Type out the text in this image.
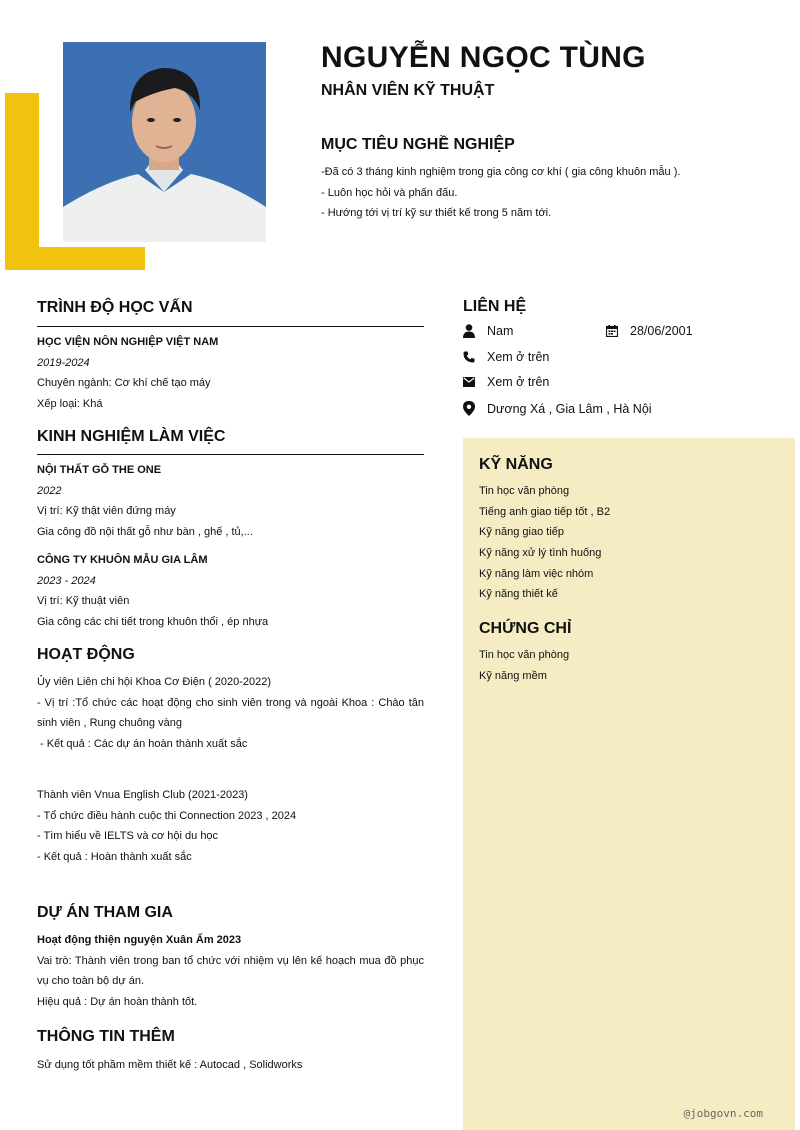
NGUYỄN NGỌC TÙNG
NHÂN VIÊN KỸ THUẬT
MỤC TIÊU NGHỀ NGHIỆP
-Đã có 3 tháng kinh nghiệm trong gia công cơ khí ( gia công khuôn mẫu ).
- Luôn học hỏi và phấn đấu.
- Hướng tới vị trí kỹ sư thiết kế trong 5 năm tới.
TRÌNH ĐỘ HỌC VẤN
HỌC VIỆN NÔN NGHIỆP VIỆT NAM
2019-2024
Chuyên ngành: Cơ khí chế tạo máy
Xếp loại: Khá
KINH NGHIỆM LÀM VIỆC
NỘI THẤT GỖ THE ONE
2022
Vị trí: Kỹ thật viên đứng máy
Gia công đồ nội thất gỗ như bàn , ghế , tủ,...
CÔNG TY KHUÔN MẪU GIA LÂM
2023 - 2024
Vị trí: Kỹ thuật viên
Gia công các chi tiết trong khuôn thổi , ép nhựa
HOẠT ĐỘNG
Ủy viên Liên chi hội Khoa Cơ Điện ( 2020-2022)
- Vị trí :Tổ chức các hoạt động cho sinh viên trong và ngoài Khoa : Chào tân sinh viên , Rung chuông vàng
- Kết quả : Các dự án hoàn thành xuất sắc
Thành viên Vnua English Club (2021-2023)
- Tổ chức điều hành cuộc thi Connection 2023 , 2024
- Tìm hiểu về IELTS và cơ hội du học
- Kết quả : Hoàn thành xuất sắc
DỰ ÁN THAM GIA
Hoạt động thiện nguyện Xuân Ấm 2023
Vai trò: Thành viên trong ban tổ chức với nhiệm vụ lên kế hoạch mua đồ phục vụ cho toàn bộ dự án.
Hiệu quả : Dự án hoàn thành tốt.
THÔNG TIN THÊM
Sử dụng tốt phầm mềm thiết kế : Autocad , Solidworks
LIÊN HỆ
Nam	28/06/2001
Xem ở trên
Xem ở trên
Dương Xá , Gia Lâm , Hà Nội
KỸ NĂNG
Tin học văn phòng
Tiếng anh giao tiếp tốt , B2
Kỹ năng giao tiếp
Kỹ năng xử lý tình huống
Kỹ năng làm việc nhóm
Kỹ năng thiết kế
CHỨNG CHỈ
Tin học văn phòng
Kỹ năng mềm
@jobgovn.com
